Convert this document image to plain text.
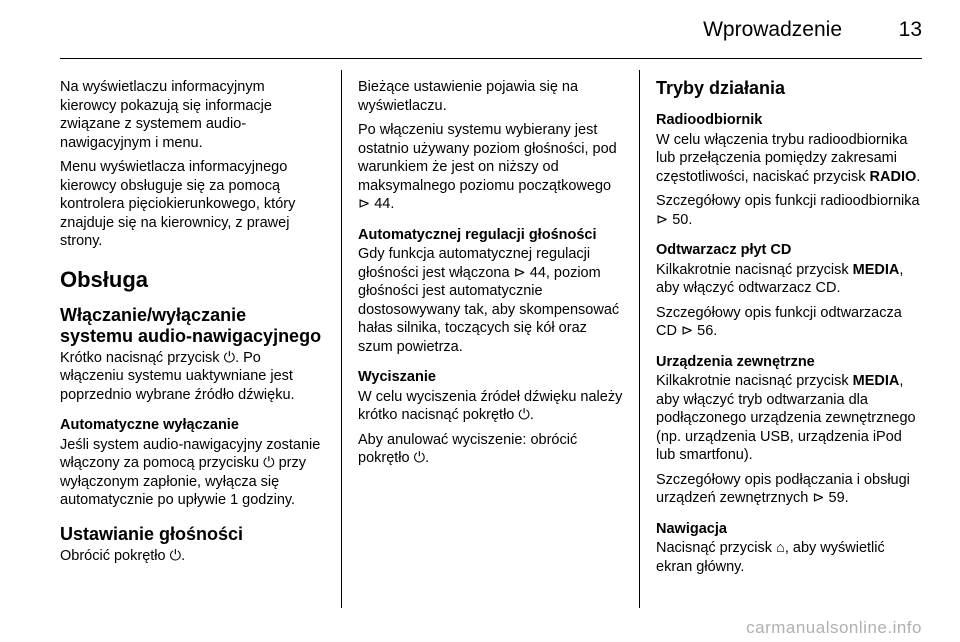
Wprowadzenie	13

Na wyświetlaczu informacyjnym kierowcy pokazują się informacje związane z systemem audio-nawigacyjnym i menu.

Menu wyświetlacza informacyjnego kierowcy obsługuje się za pomocą kontrolera pięciokierunkowego, który znajduje się na kierownicy, z prawej strony.

Obsługa
Włączanie/wyłączanie systemu audio-nawigacyjnego

Krótko nacisnąć przycisk ⏻. Po włączeniu systemu uaktywniane jest poprzednio wybrane źródło dźwięku.

Automatyczne wyłączanie

Jeśli system audio-nawigacyjny zostanie włączony za pomocą przycisku ⏻ przy wyłączonym zapłonie, wyłącza się automatycznie po upływie 1 godziny.

Ustawianie głośności

Obrócić pokrętło ⏻.

Bieżące ustawienie pojawia się na wyświetlaczu.

Po włączeniu systemu wybierany jest ostatnio używany poziom głośności, pod warunkiem że jest on niższy od maksymalnego poziomu początkowego ⊳ 44.

Automatycznej regulacji głośności

Gdy funkcja automatycznej regulacji głośności jest włączona ⊳ 44, poziom głośności jest automatycznie dostosowywany tak, aby skompensować hałas silnika, toczących się kół oraz szum powietrza.

Wyciszanie

W celu wyciszenia źródeł dźwięku należy krótko nacisnąć pokrętło ⏻.

Aby anulować wyciszenie: obrócić pokrętło ⏻.

Tryby działania
Radioodbiornik

W celu włączenia trybu radioodbiornika lub przełączenia pomiędzy zakresami częstotliwości, naciskać przycisk RADIO.

Szczegółowy opis funkcji radioodbiornika ⊳ 50.

Odtwarzacz płyt CD

Kilkakrotnie nacisnąć przycisk MEDIA, aby włączyć odtwarzacz CD.

Szczegółowy opis funkcji odtwarzacza CD ⊳ 56.

Urządzenia zewnętrzne

Kilkakrotnie nacisnąć przycisk MEDIA, aby włączyć tryb odtwarzania dla podłączonego urządzenia zewnętrznego (np. urządzenia USB, urządzenia iPod lub smartfonu).

Szczegółowy opis podłączania i obsługi urządzeń zewnętrznych ⊳ 59.

Nawigacja

Nacisnąć przycisk ⌂, aby wyświetlić ekran główny.

carmanualsonline.info
